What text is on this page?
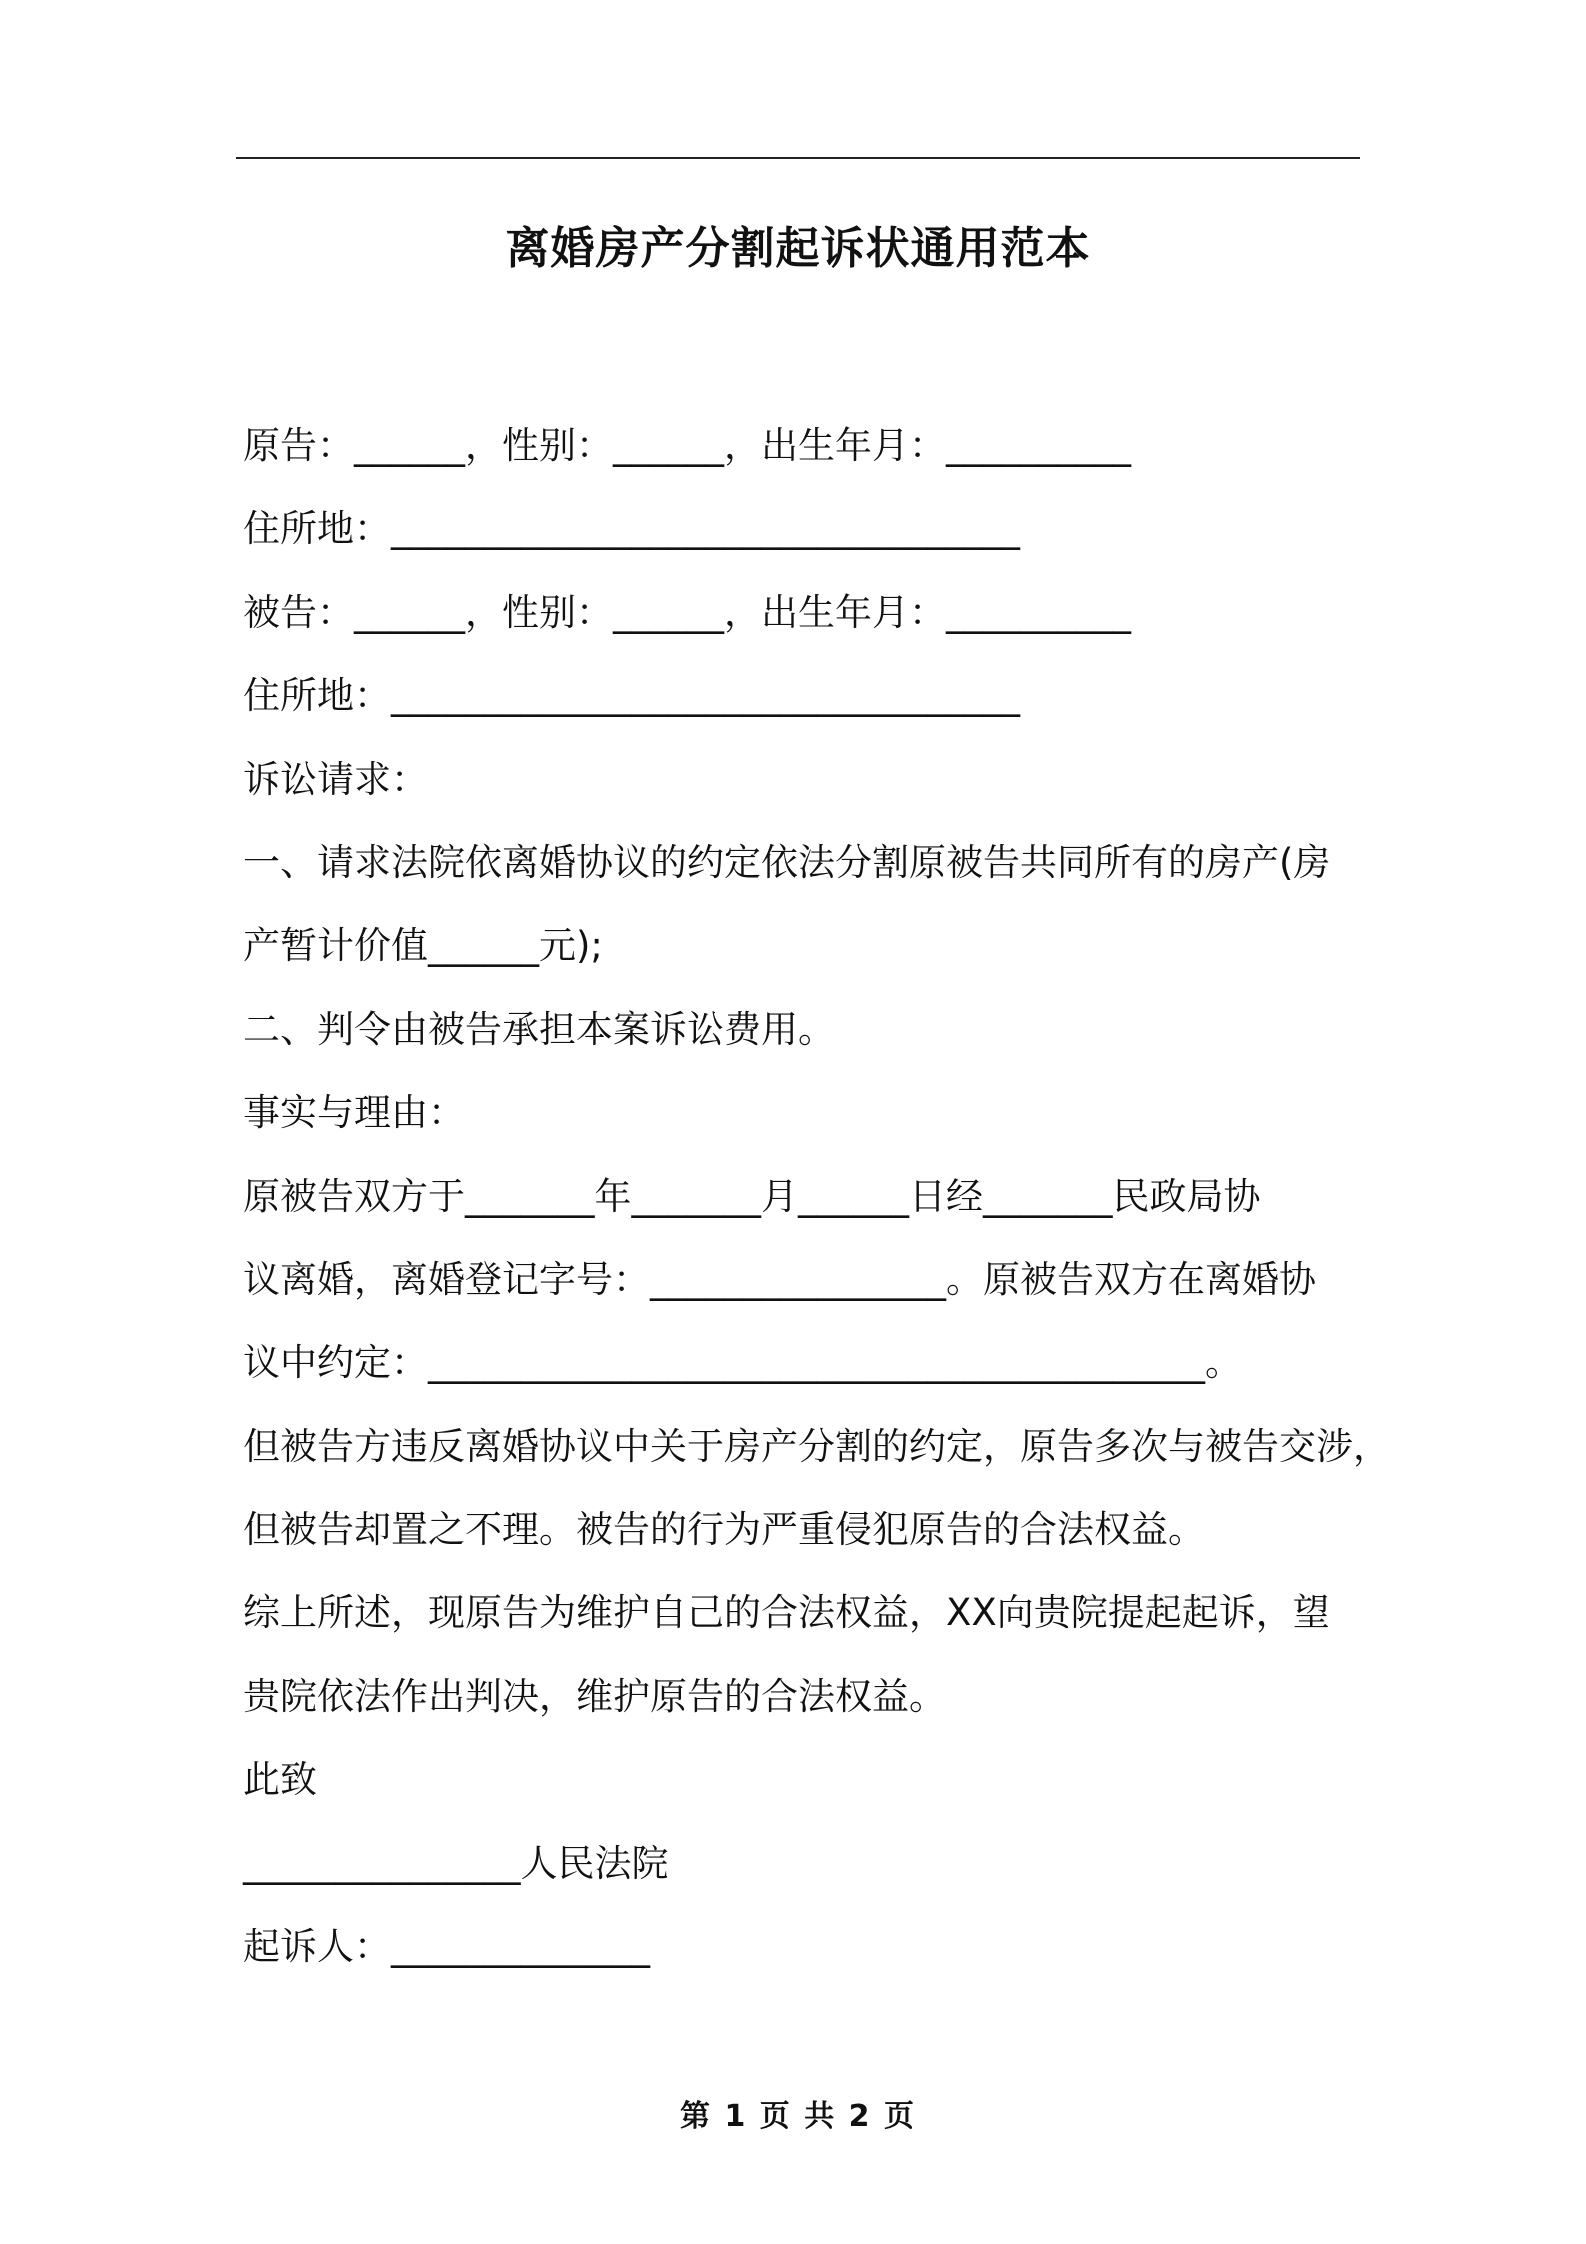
离婚房产分割起诉状通用范本
原告：______，性别：______，出生年月：__________
住所地：__________________________________
被告：______，性别：______，出生年月：__________
住所地：__________________________________
诉讼请求：
一、请求法院依离婚协议的约定依法分割原被告共同所有的房产(房
产暂计价值______元);
二、判令由被告承担本案诉讼费用。
事实与理由：
原被告双方于_______年_______月______日经_______民政局协
议离婚，离婚登记字号：________________。原被告双方在离婚协
议中约定：__________________________________________。
但被告方违反离婚协议中关于房产分割的约定，原告多次与被告交涉，
但被告却置之不理。被告的行为严重侵犯原告的合法权益。
综上所述，现原告为维护自己的合法权益，XX向贵院提起起诉，望
贵院依法作出判决，维护原告的合法权益。
此致
_______________人民法院
起诉人：______________
第 1 页 共 2 页
